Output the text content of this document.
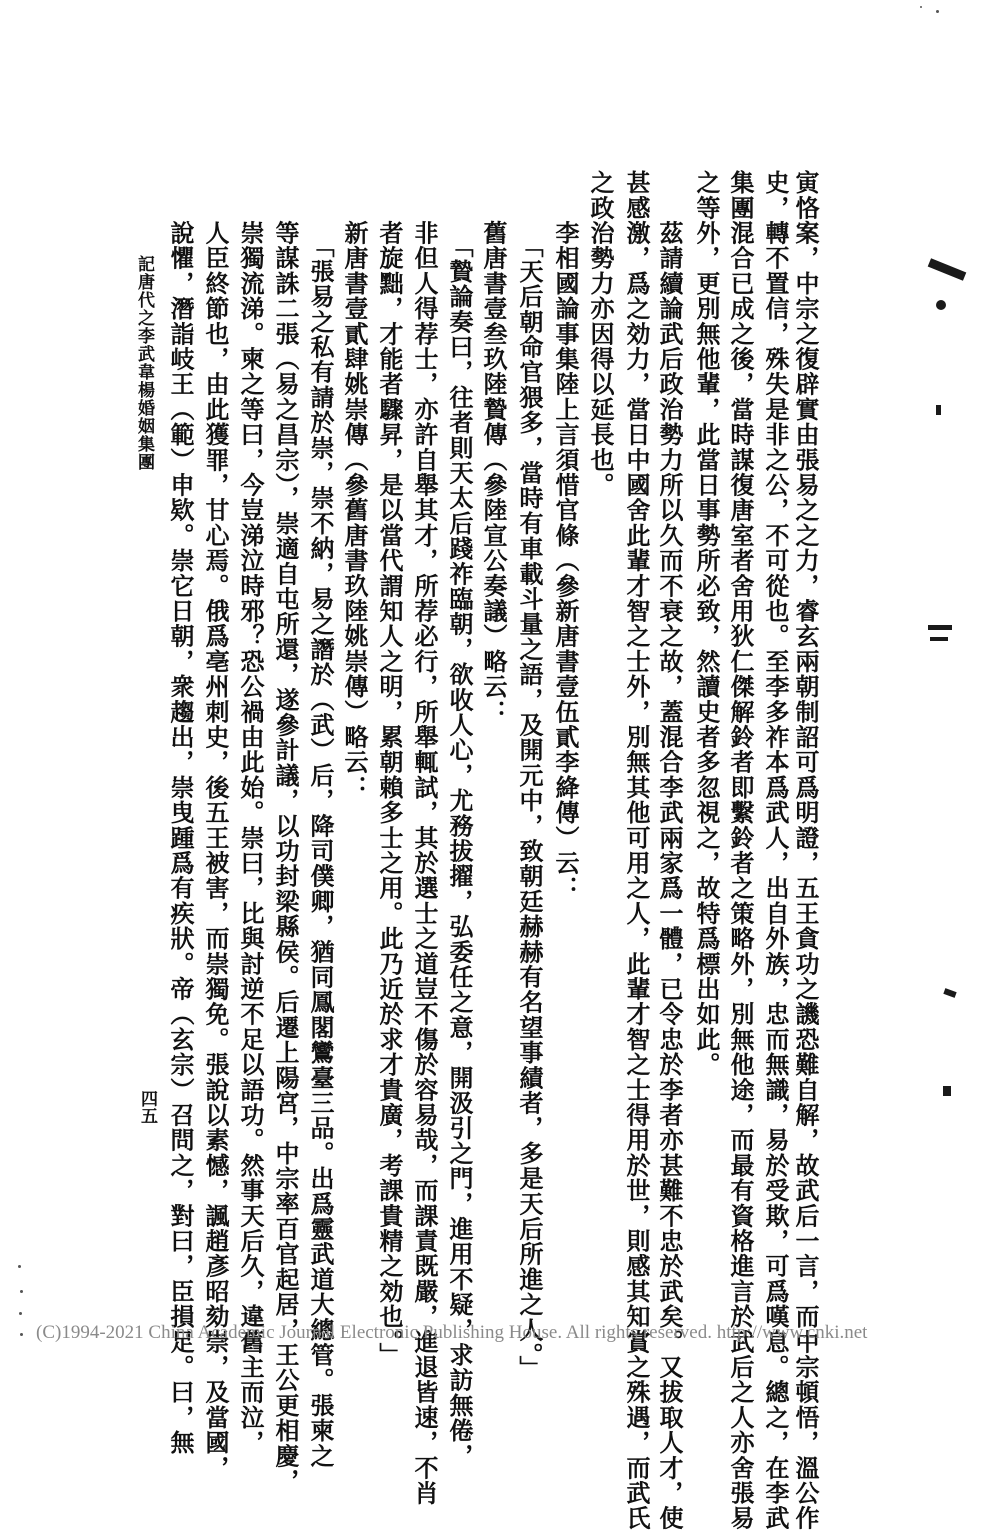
記唐代之李武韋楊婚姻集團
四五	寅恪案，中宗之復辟實由張易之之力，睿玄兩朝制詔可爲明證，五王貪功之譏恐難自解，故武后一言，而中宗頓悟，溫公作
史，轉不置信，殊失是非之公，不可從也。至李多祚本爲武人，出自外族，忠而無識，易於受欺，可爲嘆息。總之，在李武
集團混合已成之後，當時謀復唐室者舍用狄仁傑解鈴者即繫鈴者之策略外，別無他途，而最有資格進言於武后之人亦舍張易
之等外，更別無他輩，此當日事勢所必致，然讀史者多忽視之，故特爲標出如此。
　　茲請續論武后政治勢力所以久而不衰之故，蓋混合李武兩家爲一體，已令忠於李者亦甚難不忠於武矣。又拔取人才，使
甚感激，爲之効力，當日中國舍此輩才智之士外，別無其他可用之人，此輩才智之士得用於世，則感其知賞之殊遇，而武氏
之政治勢力亦因得以延長也。
　　李相國論事集陸上言須惜官條（參新唐書壹伍貳李絳傳）云：
　　　「天后朝命官猥多，當時有車載斗量之語，及開元中，致朝廷赫赫有名望事績者，多是天后所進之人。」
　　舊唐書壹叁玖陸贄傳（參陸宣公奏議）略云：
　　　「贄論奏曰，往者則天太后踐祚臨朝，欲收人心，尤務拔擢，弘委任之意，開汲引之門，進用不疑，求訪無倦，
　　非但人得荐士，亦許自舉其才，所荐必行，所舉輒試，其於選士之道豈不傷於容易哉，而課責既嚴，進退皆速，不肖
　　者旋黜，才能者驟昇，是以當代謂知人之明，累朝賴多士之用。此乃近於求才貴廣，考課貴精之効也。」
　　新唐書壹貳肆姚崇傳（參舊唐書玖陸姚崇傳）略云：
　　　「張易之私有請於崇，崇不納，易之譖於（武）后，降司僕卿，猶同鳳閣鸞臺三品。出爲靈武道大總管。張柬之
　　等謀誅二張（易之昌宗），崇適自屯所還，遂參計議，以功封梁縣侯。后遷上陽宮，中宗率百官起居，王公更相慶，
　　崇獨流涕。柬之等曰，今豈涕泣時邪？恐公禍由此始。崇曰，比與討逆不足以語功。然事天后久，違舊主而泣，
　　人臣終節也，由此獲罪，甘心焉。俄爲亳州刺史，後五王被害，而崇獨免。張說以素憾，諷趙彥昭劾崇，及當國，
　　說懼，潛詣岐王（範）申欵。崇它日朝，衆趨出，崇曳踵爲有疾狀。帝（玄宗）召問之，對曰，臣損足。曰，無
(C)1994-2021 China Academic Journal Electronic Publishing House. All rights reserved. http://www.cnki.net
